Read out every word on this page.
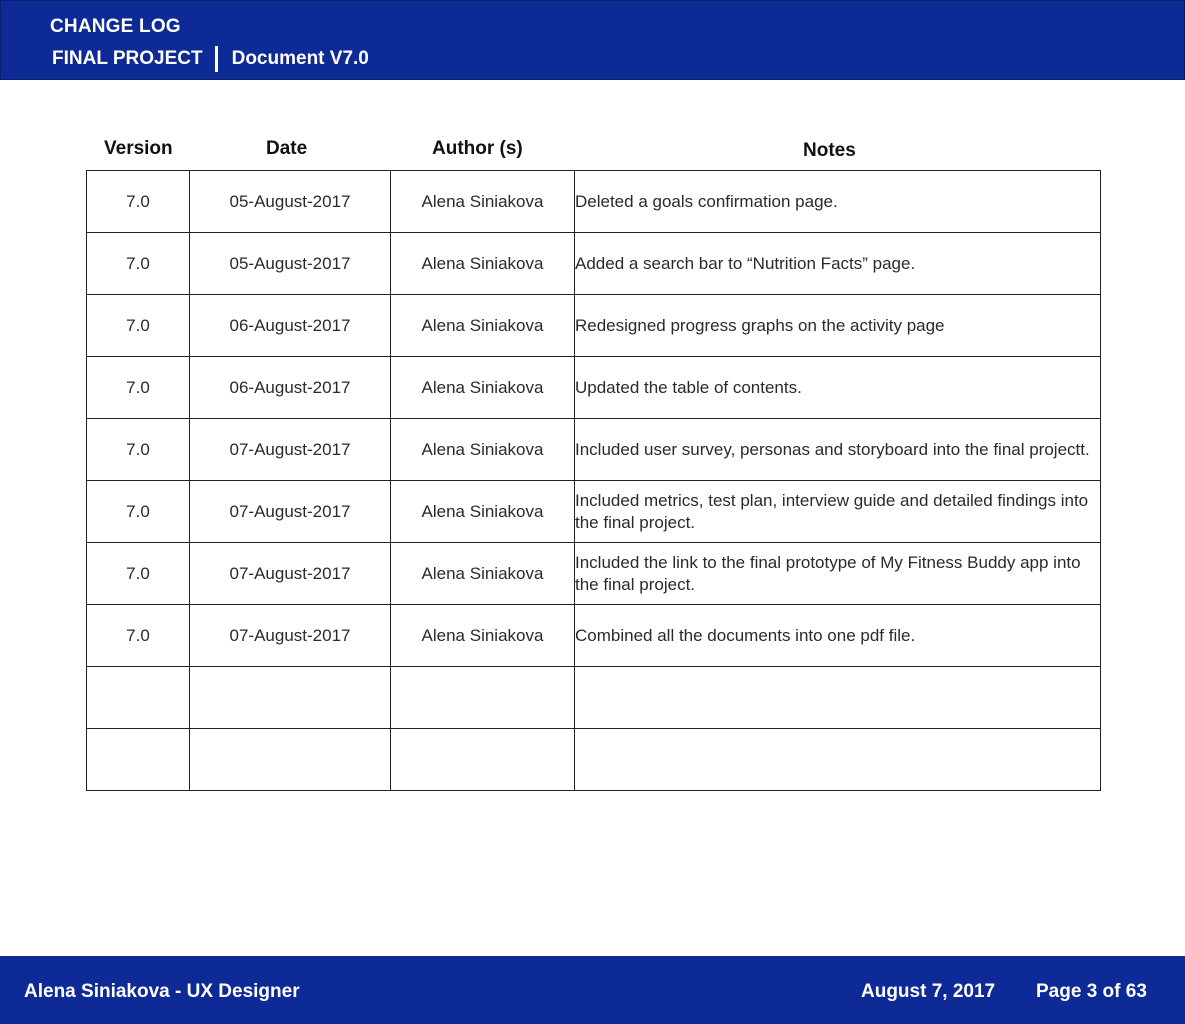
CHANGE LOG
FINAL PROJECT Document V7.0
Version	Date	Author (s)	Notes
7.0	05-August-2017	Alena Siniakova	Deleted a goals confirmation page.
7.0	05-August-2017	Alena Siniakova	Added a search bar to “Nutrition Facts” page.
7.0	06-August-2017	Alena Siniakova	Redesigned progress graphs on the activity page
7.0	06-August-2017	Alena Siniakova	Updated the table of contents.
7.0	07-August-2017	Alena Siniakova	Included user survey, personas and storyboard into the final projectt.
7.0	07-August-2017	Alena Siniakova	Included metrics, test plan, interview guide and detailed findings into the final project.
7.0	07-August-2017	Alena Siniakova	Included the link to the final prototype of My Fitness Buddy app into the final project.
7.0	07-August-2017	Alena Siniakova	Combined all the documents into one pdf file.

Alena Siniakova - UX Designer	August 7, 2017 Page 3 of 63
